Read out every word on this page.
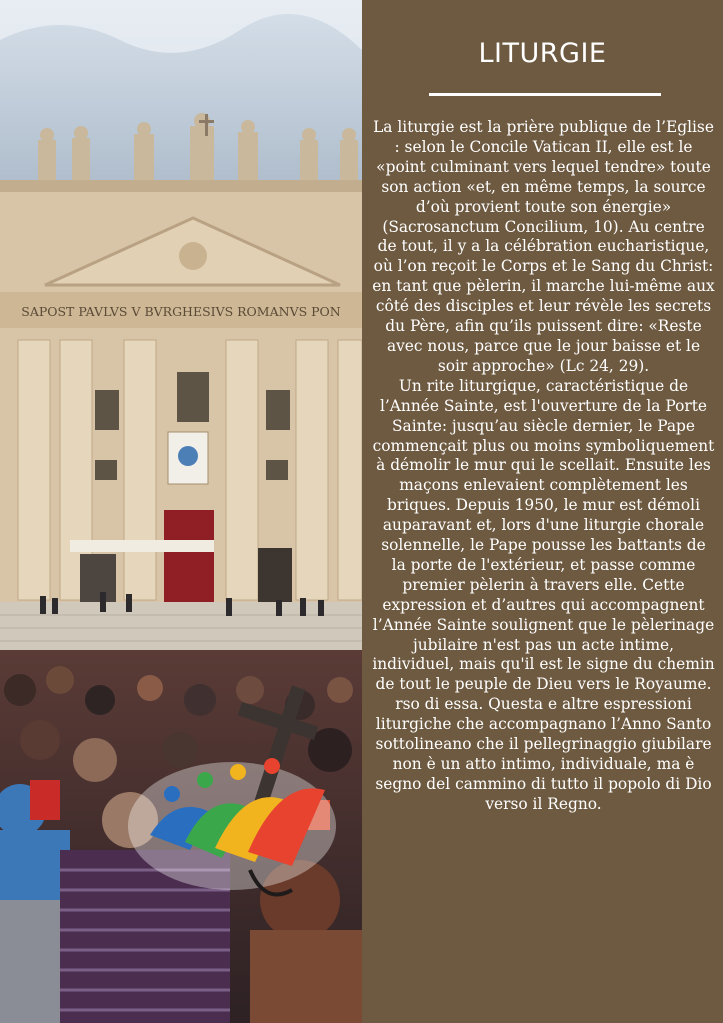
SAPOST PAVLVS V BVRGHESIVS ROMANVS PON
LITURGIE

La liturgie est la prière publique de l’Eglise : selon le Concile Vatican II, elle est le «point culminant vers lequel tendre» toute son action «et, en même temps, la source d’où provient toute son énergie» (Sacrosanctum Concilium, 10). Au centre de tout, il y a la célébration eucharistique, où l’on reçoit le Corps et le Sang du Christ: en tant que pèlerin, il marche lui-même aux côté des disciples et leur révèle les secrets du Père, afin qu’ils puissent dire: «Reste avec nous, parce que le jour baisse et le soir approche» (Lc 24, 29).

Un rite liturgique, caractéristique de l’Année Sainte, est l'ouverture de la Porte Sainte: jusqu’au siècle dernier, le Pape commençait plus ou moins symboliquement à démolir le mur qui le scellait. Ensuite les maçons enlevaient complètement les briques. Depuis 1950, le mur est démoli auparavant et, lors d'une liturgie chorale solennelle, le Pape pousse les battants de la porte de l'extérieur, et passe comme premier pèlerin à travers elle. Cette expression et d’autres qui accompagnent l’Année Sainte soulignent que le pèlerinage jubilaire n'est pas un acte intime, individuel, mais qu'il est le signe du chemin de tout le peuple de Dieu vers le Royaume.

rso di essa. Questa e altre espressioni liturgiche che accompagnano l’Anno Santo sottolineano che il pellegrinaggio giubilare non è un atto intimo, individuale, ma è segno del cammino di tutto il popolo di Dio verso il Regno.
